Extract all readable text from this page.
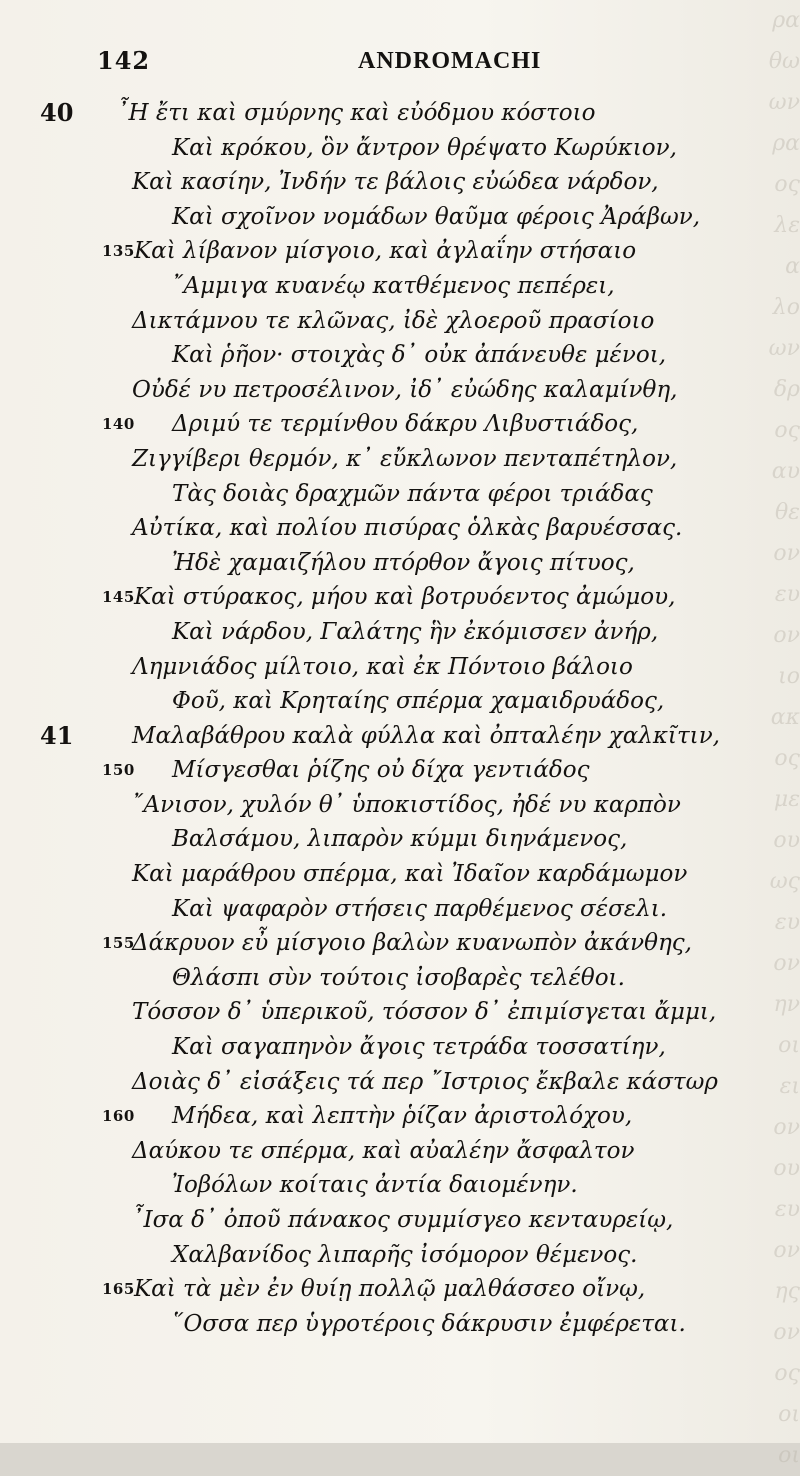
ρα
θω
ων
ρα
ος
λε
α
λο
ων
δρ
ος
αυ
θε
ον
ευ
ον
ιο
ακ
ος
με
ου
ως
ευ
ον
ην
οι
ει
ον
ου
ευ
ον
ης
ον
ος
οι
οι
142	ANDROMACHI
40 ῏Η ἔτι καὶ σμύρνης καὶ εὐόδμου κόστοιο
Καὶ κρόκου, ὃν ἄντρον θρέψατο Κωρύκιον,
Καὶ κασίην, Ἰνδήν τε βάλοις εὐώδεα νάρδον,
Καὶ σχοῖνον νομάδων θαῦμα φέροις Ἀράβων,
135 Καὶ λίβανον μίσγοιο, καὶ ἀγλαΐην στήσαιο
῎Αμμιγα κυανέῳ κατθέμενος πεπέρει,
Δικτάμνου τε κλῶνας, ἰδὲ χλοεροῦ πρασίοιο
Καὶ ῥῆον· στοιχὰς δ᾽ οὐκ ἀπάνευθε μένοι,
Οὐδέ νυ πετροσέλινον, ἰδ᾽ εὐώδης καλαμίνθη,
140 Δριμύ τε τερμίνθου δάκρυ Λιβυστιάδος,
Ζιγγίβερι θερμόν, κ᾽ εὔκλωνον πενταπέτηλον,
Τὰς δοιὰς δραχμῶν πάντα φέροι τριάδας
Αὐτίκα, καὶ πολίου πισύρας ὁλκὰς βαρυέσσας.
Ἠδὲ χαμαιζήλου πτόρθον ἄγοις πίτυος,
145 Καὶ στύρακος, μήου καὶ βοτρυόεντος ἀμώμου,
Καὶ νάρδου, Γαλάτης ἣν ἐκόμισσεν ἀνήρ,
Λημνιάδος μίλτοιο, καὶ ἐκ Πόντοιο βάλοιο
Φοῦ, καὶ Κρηταίης σπέρμα χαμαιδρυάδος,
41	Μαλαβάθρου καλὰ φύλλα καὶ ὀπταλέην χαλκῖτιν,
150 Μίσγεσθαι ῥίζης οὐ δίχα γεντιάδος
῎Ανισον, χυλόν θ᾽ ὑποκιστίδος, ἠδέ νυ καρπὸν
Βαλσάμου, λιπαρὸν κύμμι διηνάμενος,
Καὶ μαράθρου σπέρμα, καὶ Ἰδαῖον καρδάμωμον
Καὶ ψαφαρὸν στήσεις παρθέμενος σέσελι.
155
Δάκρυον εὖ μίσγοιο βαλὼν κυανωπὸν ἀκάνθης,
Θλάσπι σὺν τούτοις ἰσοβαρὲς τελέθοι.
Τόσσον δ᾽ ὑπερικοῦ, τόσσον δ᾽ ἐπιμίσγεται ἄμμι,
Καὶ σαγαπηνὸν ἄγοις τετράδα τοσσατίην,
Δοιὰς δ᾽ εἰσάξεις τά περ ῎Ιστριος ἔκβαλε κάστωρ
160 Μήδεα, καὶ λεπτὴν ῥίζαν ἀριστολόχου,
Δαύκου τε σπέρμα, καὶ αὐαλέην ἄσφαλτον
Ἰοβόλων κοίταις ἀντία δαιομένην.
῏Ισα δ᾽ ὀποῦ πάνακος συμμίσγεο κενταυρείῳ,
Χαλβανίδος λιπαρῆς ἰσόμορον θέμενος.
165 Καὶ τὰ μὲν ἐν θυίῃ πολλῷ μαλθάσσεο οἴνῳ,
῞Οσσα περ ὑγροτέροις δάκρυσιν ἐμφέρεται.
